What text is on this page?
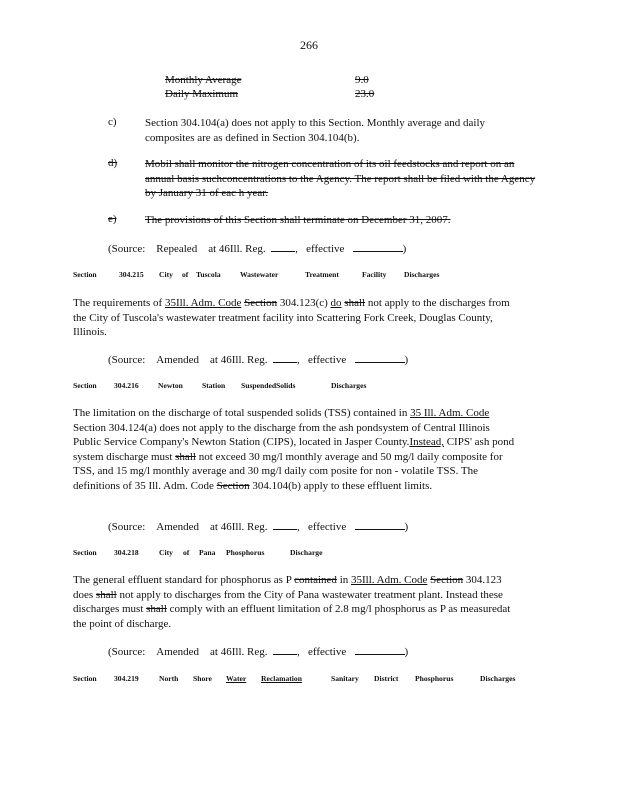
266
Monthly Average	9.0
Daily Maximum	23.0
c)	Section 304.104(a) does not apply to this Section. Monthly average and daily composites are as defined in Section 304.104(b).
d)	Mobil shall monitor the nitrogen concentration of its oil feedstocks and report on an annual basis suchconcentrations to the Agency. The report shall be filed with the Agency by January 31 of eac h year.
e)	The provisions of this Section shall terminate on December 31, 2007.
(Source: Repealed at 46Ill. Reg.	,   effective	)
Section	304.215 City of Tuscola	Wastewater	Treatment	Facility Discharges
The requirements of 35Ill. Adm. Code Section 304.123(c) do shall not apply to the discharges from the City of Tuscola's wastewater treatment facility into Scattering Fork Creek, Douglas County, Illinois.
(Source: Amended at 46Ill. Reg.	,   effective	)
Section 304.216	Newton	Station SuspendedSolids	Discharges
The limitation on the discharge of total suspended solids (TSS) contained in 35 Ill. Adm. Code Section 304.124(a) does not apply to the discharge from the ash pondsystem of Central Illinois Public Service Company's Newton Station (CIPS), located in Jasper County.Instead, CIPS' ash pond system discharge must shall not exceed 30 mg/l monthly average and 50 mg/l daily composite for TSS, and 15 mg/l monthly average and 30 mg/l daily com posite for non - volatile TSS. The definitions of 35 Ill. Adm. Code Section 304.104(b) apply to these effluent limits.
(Source: Amended at 46Ill. Reg.	,   effective	)
Section 304.218	City of Pana Phosphorus	Discharge
The general effluent standard for phosphorus as P contained in 35Ill. Adm. Code Section 304.123 does shall not apply to discharges from the City of Pana wastewater treatment plant. Instead these discharges must shall comply with an effluent limitation of 2.8 mg/l phosphorus as P as measuredat the point of discharge.
(Source: Amended at 46Ill. Reg.	,   effective	)
Section 304.219	North Shore Water Reclamation	Sanitary District Phosphorus	Discharges
